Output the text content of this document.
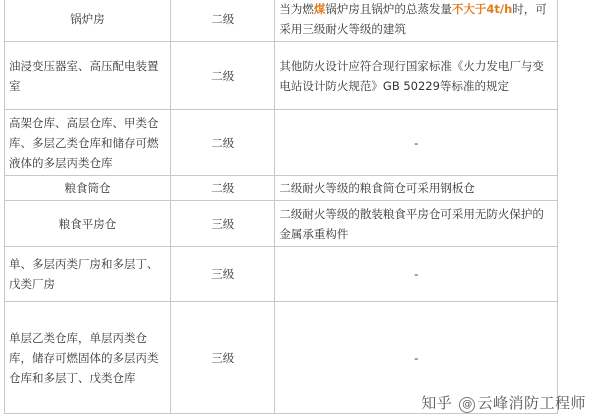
锅炉房	二级	当为燃煤锅炉房且锅炉的总蒸发量不大于4t/h时，可采用三级耐火等级的建筑
油浸变压器室、高压配电装置室	二级	其他防火设计应符合现行国家标准《火力发电厂与变电站设计防火规范》GB 50229等标准的规定
高架仓库、高层仓库、甲类仓库、多层乙类仓库和储存可燃液体的多层丙类仓库	二级	-
粮食筒仓	二级	二级耐火等级的粮食筒仓可采用钢板仓
粮食平房仓	三级	二级耐火等级的散装粮食平房仓可采用无防火保护的金属承重构件
单、多层丙类厂房和多层丁、戊类厂房	三级	-
单层乙类仓库，单层丙类仓库，储存可燃固体的多层丙类仓库和多层丁、戊类仓库	三级	-
知乎 @ 云峰消防工程师
